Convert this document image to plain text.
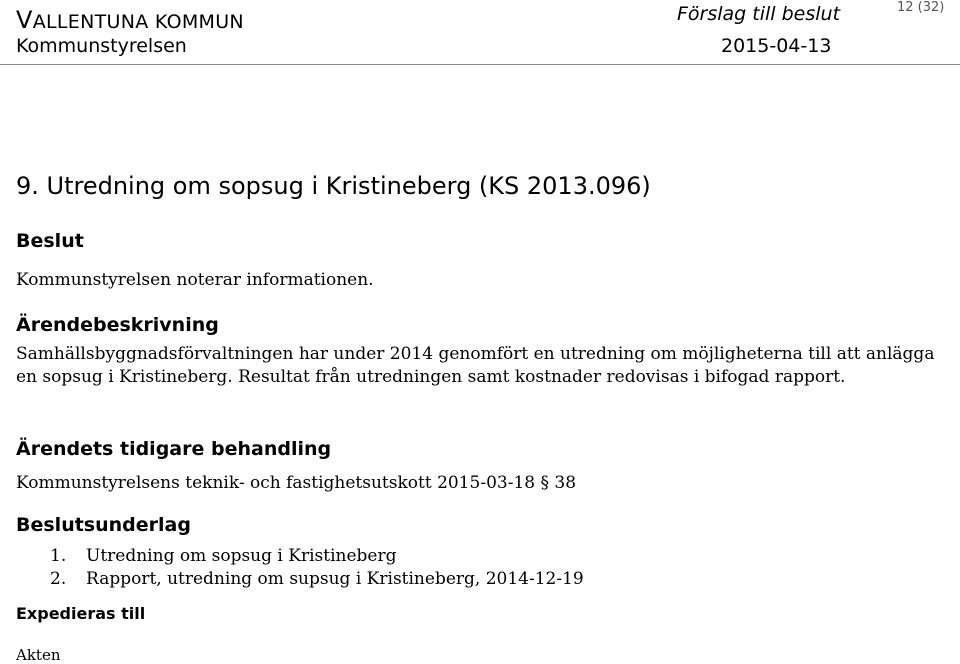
VALLENTUNA KOMMUN
Kommunstyrelsen
Förslag till beslut	12 (32)
2015-04-13
9. Utredning om sopsug i Kristineberg (KS 2013.096)
Beslut
Kommunstyrelsen noterar informationen.
Ärendebeskrivning
Samhällsbyggnadsförvaltningen har under 2014 genomfört en utredning om möjligheterna till att anlägga en sopsug i Kristineberg. Resultat från utredningen samt kostnader redovisas i bifogad rapport.
Ärendets tidigare behandling
Kommunstyrelsens teknik- och fastighetsutskott 2015-03-18 § 38
Beslutsunderlag
1. Utredning om sopsug i Kristineberg
2. Rapport, utredning om supsug i Kristineberg, 2014-12-19
Expedieras till
Akten
